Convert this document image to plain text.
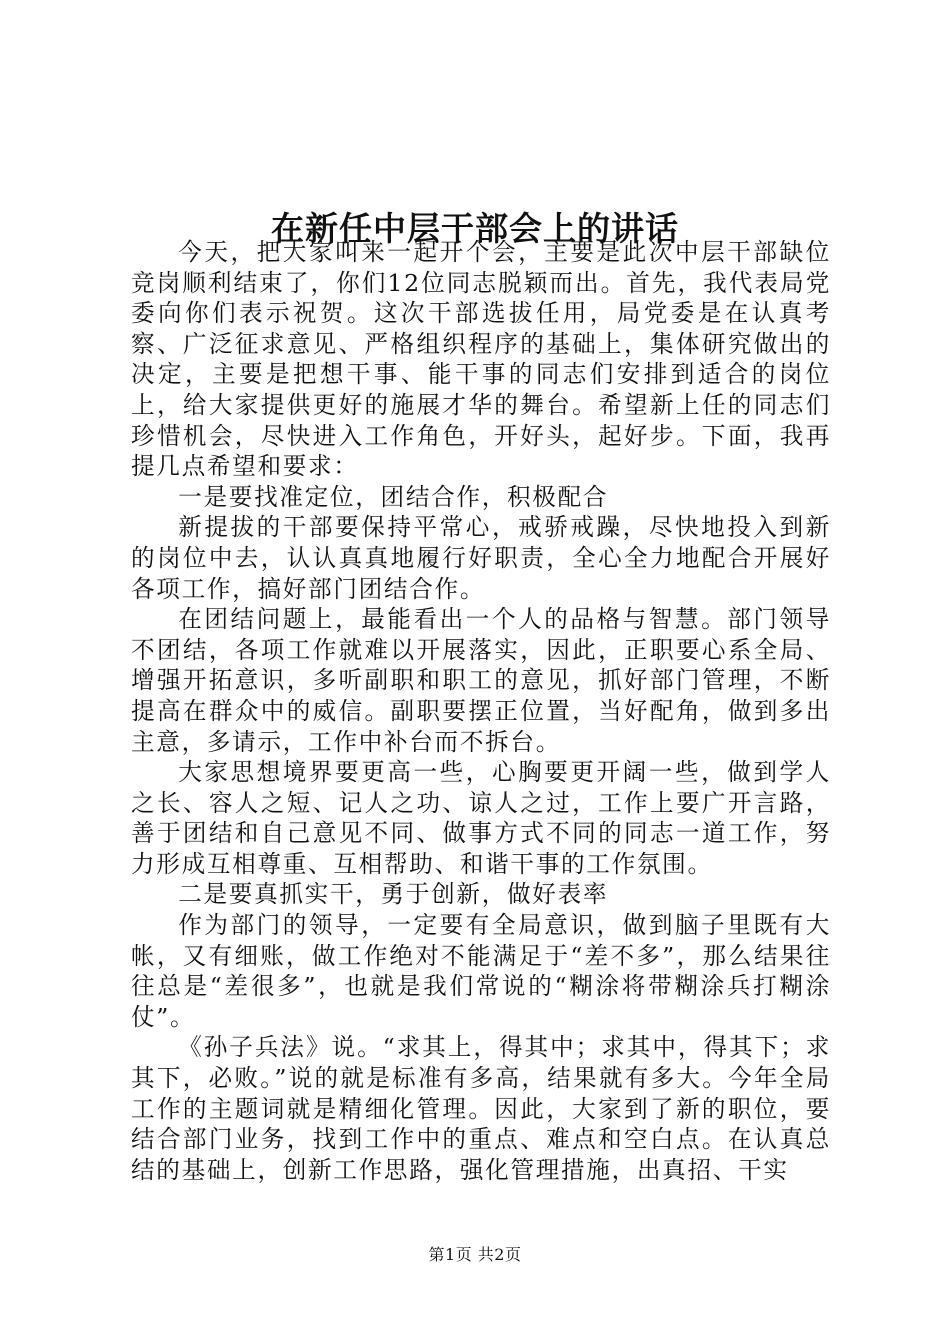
在新任中层干部会上的讲话

今天，把大家叫来一起开个会，主要是此次中层干部缺位竞岗顺利结束了，你们12位同志脱颖而出。首先，我代表局党委向你们表示祝贺。这次干部选拔任用，局党委是在认真考察、广泛征求意见、严格组织程序的基础上，集体研究做出的决定，主要是把想干事、能干事的同志们安排到适合的岗位上，给大家提供更好的施展才华的舞台。希望新上任的同志们珍惜机会，尽快进入工作角色，开好头，起好步。下面，我再提几点希望和要求：

一是要找准定位，团结合作，积极配合

新提拔的干部要保持平常心，戒骄戒躁，尽快地投入到新的岗位中去，认认真真地履行好职责，全心全力地配合开展好各项工作，搞好部门团结合作。

在团结问题上，最能看出一个人的品格与智慧。部门领导不团结，各项工作就难以开展落实，因此，正职要心系全局、增强开拓意识，多听副职和职工的意见，抓好部门管理，不断提高在群众中的威信。副职要摆正位置，当好配角，做到多出主意，多请示，工作中补台而不拆台。

大家思想境界要更高一些，心胸要更开阔一些，做到学人之长、容人之短、记人之功、谅人之过，工作上要广开言路，善于团结和自己意见不同、做事方式不同的同志一道工作，努力形成互相尊重、互相帮助、和谐干事的工作氛围。

二是要真抓实干，勇于创新，做好表率

作为部门的领导，一定要有全局意识，做到脑子里既有大帐，又有细账，做工作绝对不能满足于“差不多”，那么结果往往总是“差很多”，也就是我们常说的“糊涂将带糊涂兵打糊涂仗”。

《孙子兵法》说。“求其上，得其中；求其中，得其下；求其下，必败。”说的就是标准有多高，结果就有多大。今年全局工作的主题词就是精细化管理。因此，大家到了新的职位，要结合部门业务，找到工作中的重点、难点和空白点。在认真总结的基础上，创新工作思路，强化管理措施，出真招、干实

第1页 共2页
